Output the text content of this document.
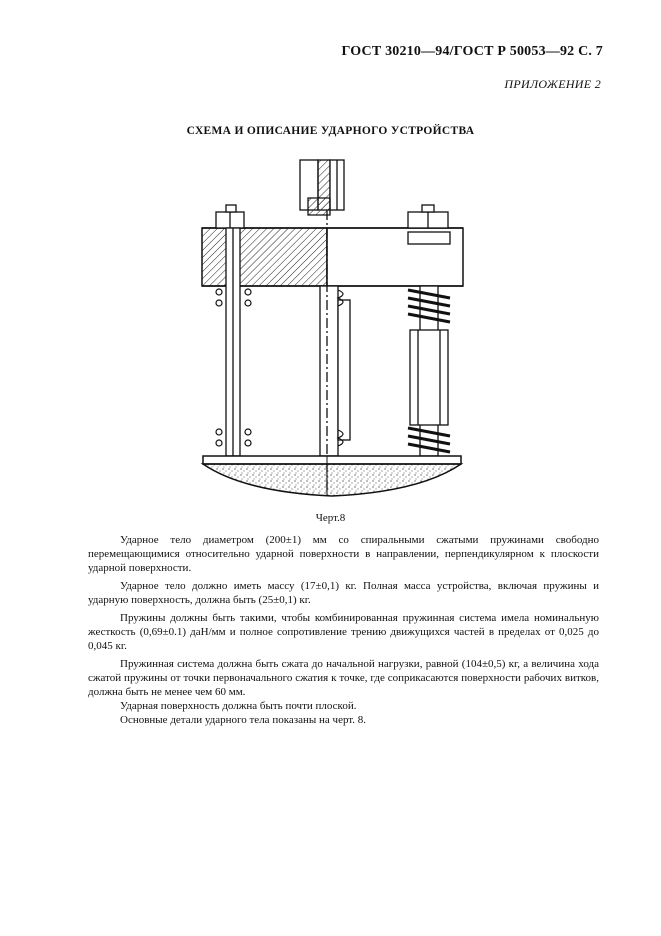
ГОСТ 30210—94/ГОСТ Р 50053—92 С. 7
ПРИЛОЖЕНИЕ 2
СХЕМА И ОПИСАНИЕ УДАРНОГО УСТРОЙСТВА
Черт.8

Ударное тело диаметром (200±1) мм со спиральными сжатыми пружинами свободно перемещающимися относительно ударной поверхности в направлении, перпендикулярном к плоскости ударной поверхности.

Ударное тело должно иметь массу (17±0,1) кг. Полная масса устройства, включая пружины и ударную поверхность, должна быть (25±0,1) кг.

Пружины должны быть такими, чтобы комбинированная пружинная система имела номинальную жесткость (0,69±0.1) даН/мм и полное сопротивление трению движущихся частей в пределах от 0,025 до 0,045 кг.

Пружинная система должна быть сжата до начальной нагрузки, равной (104±0,5) кг, а величина хода сжатой пружины от точки первоначального сжатия к точке, где соприкасаются поверхности рабочих витков, должна быть не менее чем 60 мм.

Ударная поверхность должна быть почти плоской.

Основные детали ударного тела показаны на черт. 8.
